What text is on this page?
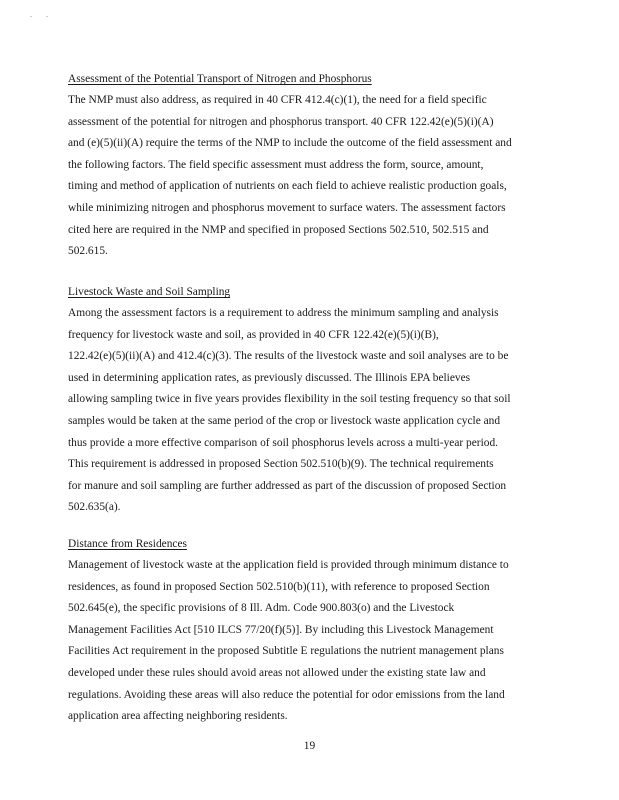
. .
Assessment of the Potential Transport of Nitrogen and Phosphorus
The NMP must also address, as required in 40 CFR 412.4(c)(1), the need for a field specific
assessment of the potential for nitrogen and phosphorus transport. 40 CFR 122.42(e)(5)(i)(A)
and (e)(5)(ii)(A) require the terms of the NMP to include the outcome of the field assessment and
the following factors. The field specific assessment must address the form, source, amount,
timing and method of application of nutrients on each field to achieve realistic production goals,
while minimizing nitrogen and phosphorus movement to surface waters. The assessment factors
cited here are required in the NMP and specified in proposed Sections 502.510, 502.515 and
502.615.
Livestock Waste and Soil Sampling
Among the assessment factors is a requirement to address the minimum sampling and analysis
frequency for livestock waste and soil, as provided in 40 CFR 122.42(e)(5)(i)(B),
122.42(e)(5)(ii)(A) and 412.4(c)(3). The results of the livestock waste and soil analyses are to be
used in determining application rates, as previously discussed. The Illinois EPA believes
allowing sampling twice in five years provides flexibility in the soil testing frequency so that soil
samples would be taken at the same period of the crop or livestock waste application cycle and
thus provide a more effective comparison of soil phosphorus levels across a multi-year period.
This requirement is addressed in proposed Section 502.510(b)(9). The technical requirements
for manure and soil sampling are further addressed as part of the discussion of proposed Section
502.635(a).
Distance from Residences
Management of livestock waste at the application field is provided through minimum distance to
residences, as found in proposed Section 502.510(b)(11), with reference to proposed Section
502.645(e), the specific provisions of 8 Ill. Adm. Code 900.803(o) and the Livestock
Management Facilities Act [510 ILCS 77/20(f)(5)]. By including this Livestock Management
Facilities Act requirement in the proposed Subtitle E regulations the nutrient management plans
developed under these rules should avoid areas not allowed under the existing state law and
regulations. Avoiding these areas will also reduce the potential for odor emissions from the land
application area affecting neighboring residents.
19
